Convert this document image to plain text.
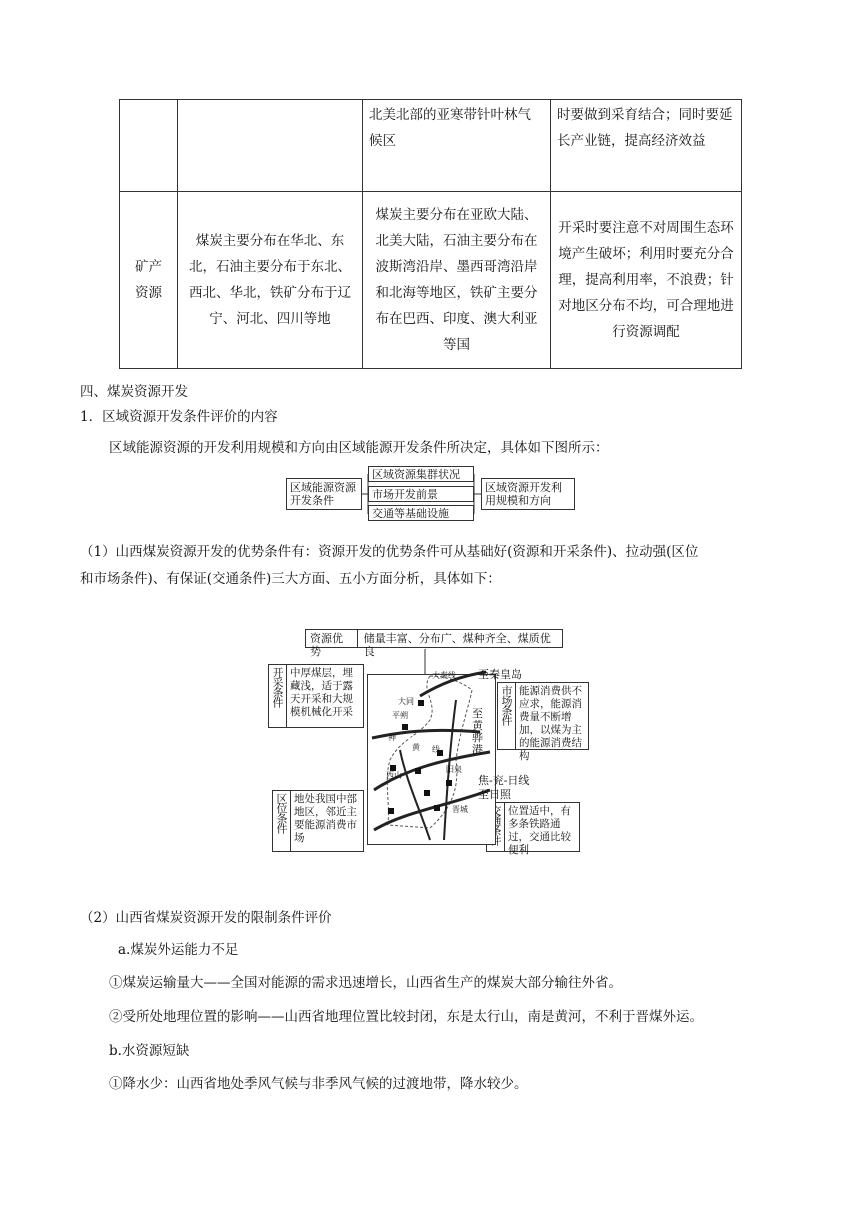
		北美北部的亚寒带针叶林气候区	时要做到采育结合；同时要延长产业链，提高经济效益
矿产资源	煤炭主要分布在华北、东北，石油主要分布于东北、西北、华北，铁矿分布于辽宁、河北、四川等地	煤炭主要分布在亚欧大陆、北美大陆，石油主要分布在波斯湾沿岸、墨西哥湾沿岸和北海等地区，铁矿主要分布在巴西、印度、澳大利亚等国	开采时要注意不对周围生态环境产生破坏；利用时要充分合理，提高利用率，不浪费；针对地区分布不均，可合理地进行资源调配
四、煤炭资源开发
1．区域资源开发条件评价的内容
区域能源资源的开发利用规模和方向由区域能源开发条件所决定，具体如下图所示：
区域能源资源开发条件
区域资源集群状况
市场开发前景
交通等基础设施
区域资源开发利用规模和方向
（1）山西煤炭资源开发的优势条件有：资源开发的优势条件可从基础好(资源和开采条件)、拉动强(区位
和市场条件)、有保证(交通条件)三大方面、五小方面分析，具体如下：
资源优势
储量丰富、分布广、煤种齐全、煤质优良
开采条件 中厚煤层，埋藏浅，适于露天开采和大规模机械化开采	市场条件 能源消费供不应求，能源消费量不断增加，以煤为主的能源消费结构
区位条件 地处我国中部地区，邻近主要能源消费市场
位置适中，有多条铁路通过，交通比较便利
至秦皇岛
至黄骅港
焦-兖-日线
至日照
大同
大秦线
平朔
神
黄 线
西山
阳泉
晋城
（2）山西省煤炭资源开发的限制条件评价
a.煤炭外运能力不足
①煤炭运输量大——全国对能源的需求迅速增长，山西省生产的煤炭大部分输往外省。
②受所处地理位置的影响——山西省地理位置比较封闭，东是太行山，南是黄河，不利于晋煤外运。
b.水资源短缺
①降水少：山西省地处季风气候与非季风气候的过渡地带，降水较少。
